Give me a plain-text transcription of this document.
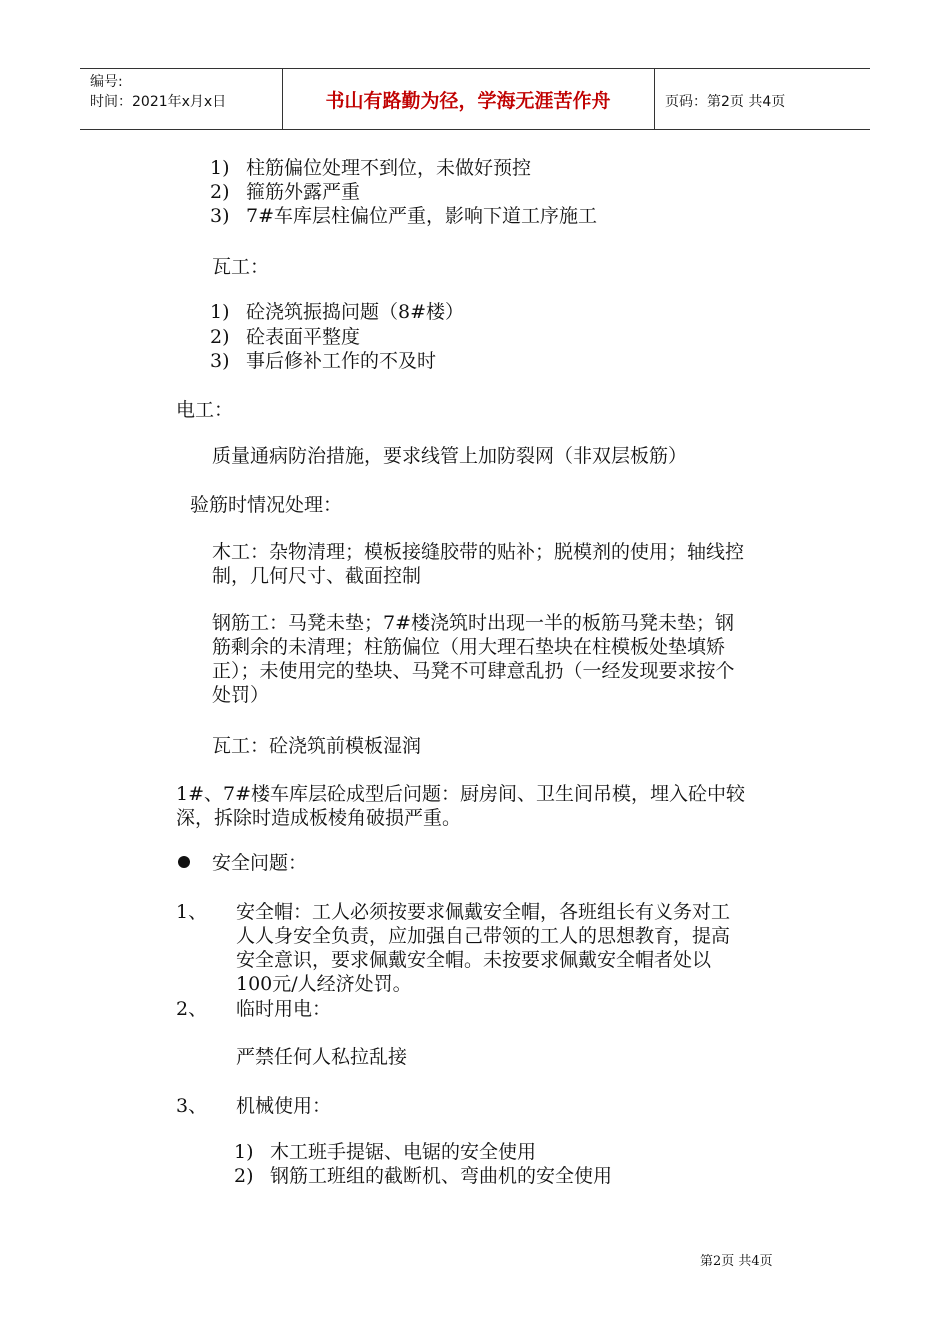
编号:
时间：2021年x月x日	书山有路勤为径，学海无涯苦作舟	页码：第2页 共4页
1) 柱筋偏位处理不到位，未做好预控
2) 箍筋外露严重
3) 7#车库层柱偏位严重，影响下道工序施工
瓦工：
1) 砼浇筑振捣问题（8#楼）
2) 砼表面平整度
3) 事后修补工作的不及时
电工：
质量通病防治措施，要求线管上加防裂网（非双层板筋）
验筋时情况处理：
木工：杂物清理；模板接缝胶带的贴补；脱模剂的使用；轴线控
制，几何尺寸、截面控制
钢筋工：马凳未垫；7#楼浇筑时出现一半的板筋马凳未垫；钢
筋剩余的未清理；柱筋偏位（用大理石垫块在柱模板处垫填矫
正）；未使用完的垫块、马凳不可肆意乱扔（一经发现要求按个
处罚）
瓦工：砼浇筑前模板湿润
1#、7#楼车库层砼成型后问题：厨房间、卫生间吊模，埋入砼中较
深，拆除时造成板棱角破损严重。
安全问题：
1、 安全帽：工人必须按要求佩戴安全帽，各班组长有义务对工
人人身安全负责，应加强自己带领的工人的思想教育，提高
安全意识，要求佩戴安全帽。未按要求佩戴安全帽者处以
100元/人经济处罚。
2、 临时用电：
严禁任何人私拉乱接
3、 机械使用：
1) 木工班手提锯、电锯的安全使用
2) 钢筋工班组的截断机、弯曲机的安全使用
第2页 共4页
